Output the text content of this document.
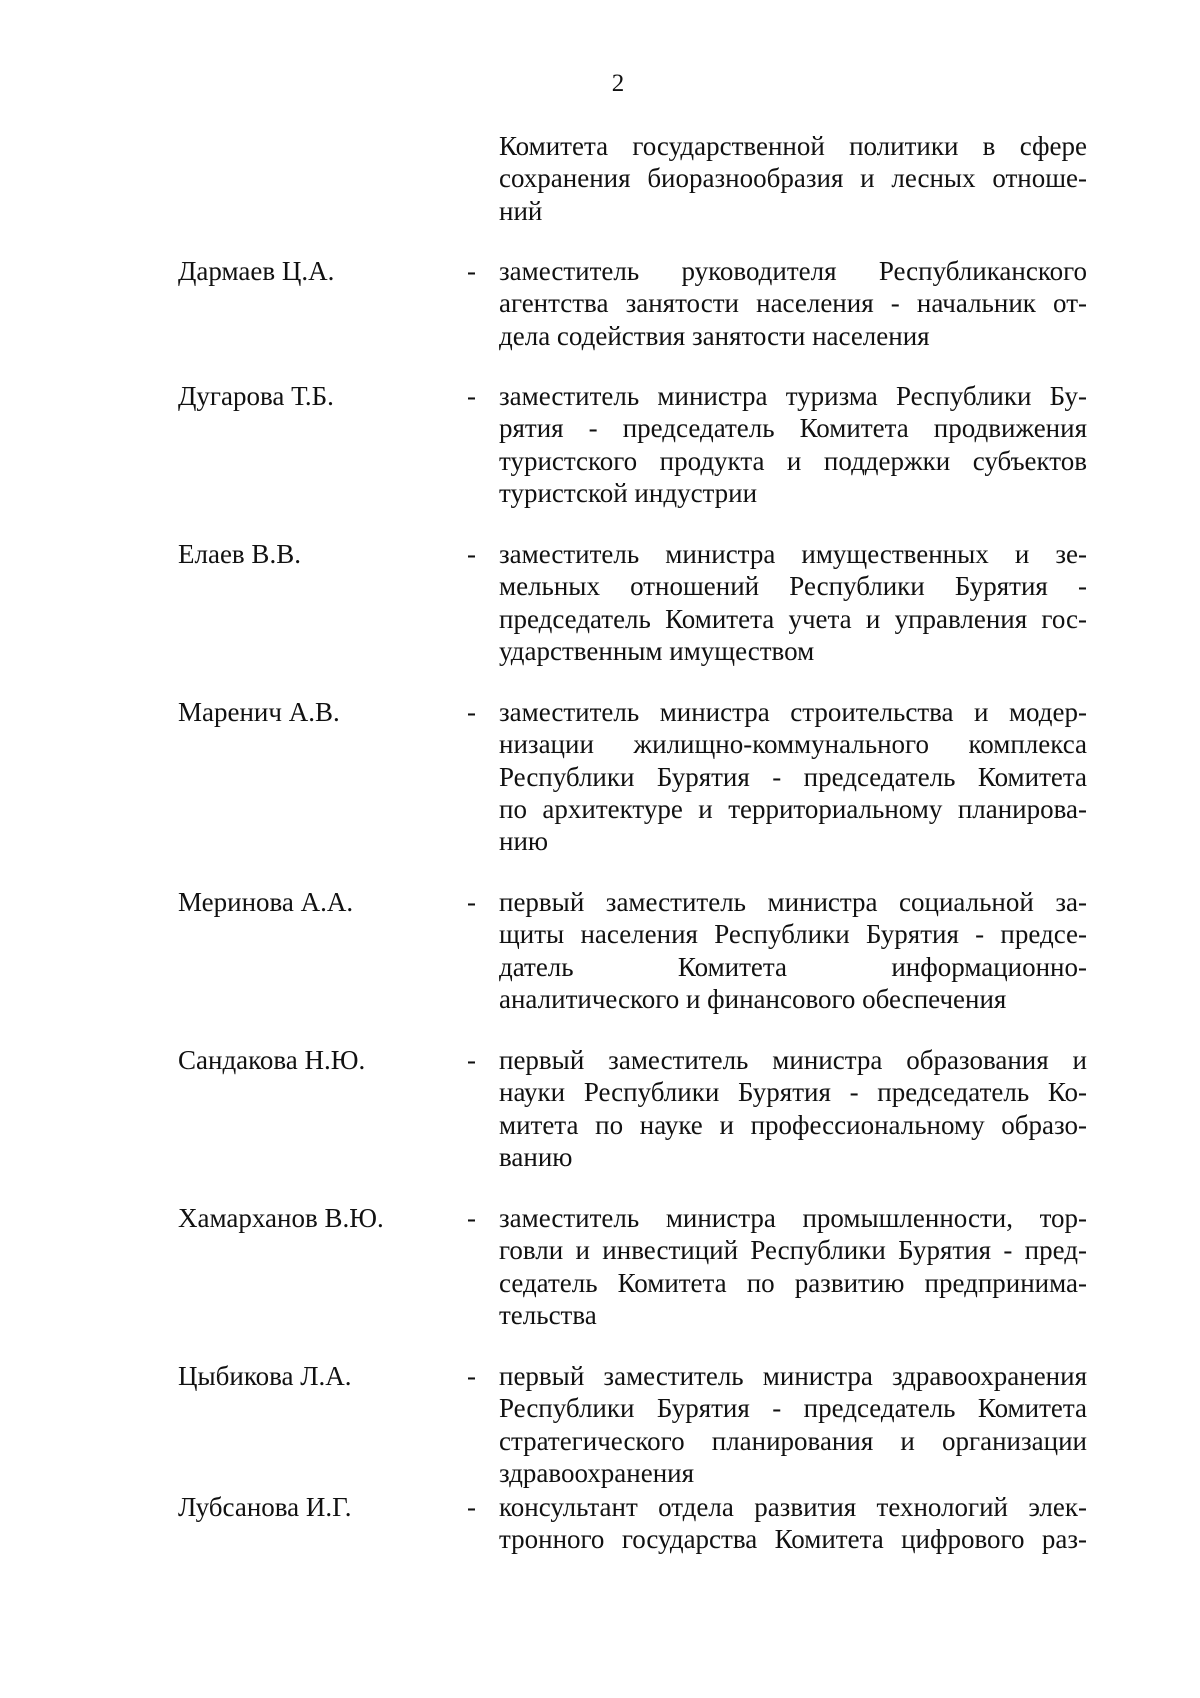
2
Комитета государственной политики в сфере
сохранения биоразнообразия и лесных отноше-
ний
Дармаев Ц.А.	- заместитель руководителя Республиканского
агентства занятости населения - начальник от-
дела содействия занятости населения
Дугарова Т.Б.	- заместитель министра туризма Республики Бу-
рятия - председатель Комитета продвижения
туристского продукта и поддержки субъектов
туристской индустрии
Елаев В.В.	- заместитель министра имущественных и зе-
мельных отношений Республики Бурятия -
председатель Комитета учета и управления гос-
ударственным имуществом
Маренич А.В.	- заместитель министра строительства и модер-
низации жилищно-коммунального комплекса
Республики Бурятия - председатель Комитета
по архитектуре и территориальному планирова-
нию
Меринова А.А.	- первый заместитель министра социальной за-
щиты населения Республики Бурятия - предсе-
датель Комитета информационно-
аналитического и финансового обеспечения
Сандакова Н.Ю.	- первый заместитель министра образования и
науки Республики Бурятия - председатель Ко-
митета по науке и профессиональному образо-
ванию
Хамарханов В.Ю.	- заместитель министра промышленности, тор-
говли и инвестиций Республики Бурятия - пред-
седатель Комитета по развитию предпринима-
тельства
Цыбикова Л.А.	- первый заместитель министра здравоохранения
Республики Бурятия - председатель Комитета
стратегического планирования и организации
здравоохранения
Лубсанова И.Г.	- консультант отдела развития технологий элек-
тронного государства Комитета цифрового раз-
